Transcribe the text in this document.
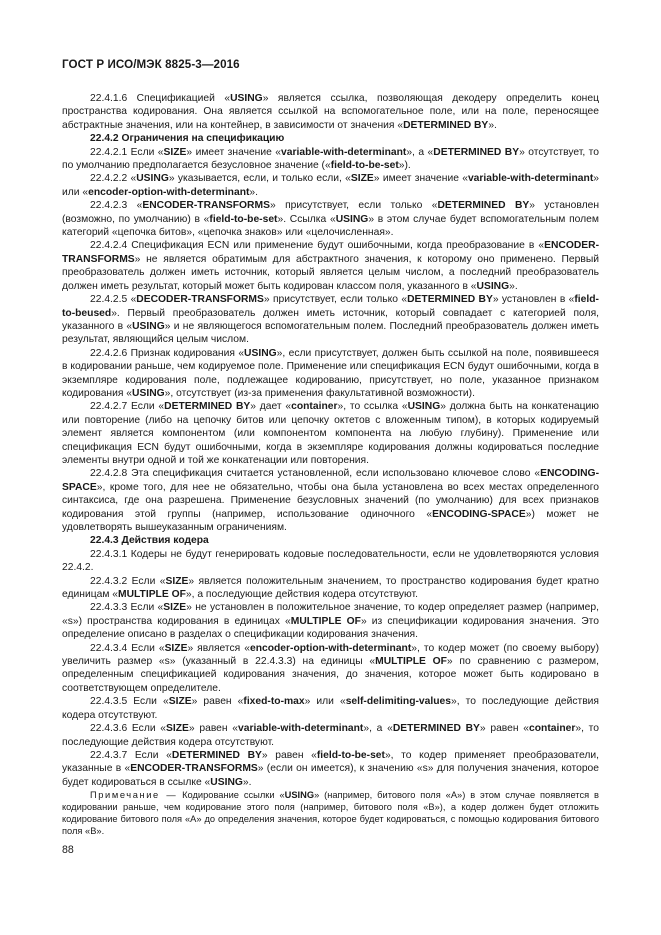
ГОСТ Р ИСО/МЭК 8825-3—2016

22.4.1.6 Спецификацией «USING» является ссылка, позволяющая декодеру определить конец пространства кодирования. Она является ссылкой на вспомогательное поле, или на поле, переносящее абстрактные значения, или на контейнер, в зависимости от значения «DETERMINED BY».

22.4.2 Ограничения на спецификацию

22.4.2.1 Если «SIZE» имеет значение «variable-with-determinant», а «DETERMINED BY» отсутствует, то по умолчанию предполагается безусловное значение («field-to-be-set»).

22.4.2.2 «USING» указывается, если, и только если, «SIZE» имеет значение «variable-with-determinant» или «encoder-option-with-determinant».

22.4.2.3 «ENCODER-TRANSFORMS» присутствует, если только «DETERMINED BY» установлен (возможно, по умолчанию) в «field-to-be-set». Ссылка «USING» в этом случае будет вспомогательным полем категорий «цепочка битов», «цепочка знаков» или «целочисленная».

22.4.2.4 Спецификация ECN или применение будут ошибочными, когда преобразование в «ENCODER-TRANSFORMS» не является обратимым для абстрактного значения, к которому оно применено. Первый преобразователь должен иметь источник, который является целым числом, а последний преобразователь должен иметь результат, который может быть кодирован классом поля, указанного в «USING».

22.4.2.5 «DECODER-TRANSFORMS» присутствует, если только «DETERMINED BY» установлен в «field-to-beused». Первый преобразователь должен иметь источник, который совпадает с категорией поля, указанного в «USING» и не являющегося вспомогательным полем. Последний преобразователь должен иметь результат, являющийся целым числом.

22.4.2.6 Признак кодирования «USING», если присутствует, должен быть ссылкой на поле, появившееся в кодировании раньше, чем кодируемое поле. Применение или спецификация ECN будут ошибочными, когда в экземпляре кодирования поле, подлежащее кодированию, присутствует, но поле, указанное признаком кодирования «USING», отсутствует (из-за применения факультативной возможности).

22.4.2.7 Если «DETERMINED BY» дает «container», то ссылка «USING» должна быть на конкатенацию или повторение (либо на цепочку битов или цепочку октетов с вложенным типом), в которых кодируемый элемент является компонентом (или компонентом компонента на любую глубину). Применение или спецификация ECN будут ошибочными, когда в экземпляре кодирования должны кодироваться последние элементы внутри одной и той же конкатенации или повторения.

22.4.2.8 Эта спецификация считается установленной, если использовано ключевое слово «ENCODING-SPACE», кроме того, для нее не обязательно, чтобы она была установлена во всех местах определенного синтаксиса, где она разрешена. Применение безусловных значений (по умолчанию) для всех признаков кодирования этой группы (например, использование одиночного «ENCODING-SPACE») может не удовлетворять вышеуказанным ограничениям.

22.4.3 Действия кодера

22.4.3.1 Кодеры не будут генерировать кодовые последовательности, если не удовлетворяются условия 22.4.2.

22.4.3.2 Если «SIZE» является положительным значением, то пространство кодирования будет кратно единицам «MULTIPLE OF», а последующие действия кодера отсутствуют.

22.4.3.3 Если «SIZE» не установлен в положительное значение, то кодер определяет размер (например, «s») пространства кодирования в единицах «MULTIPLE OF» из спецификации кодирования значения. Это определение описано в разделах о спецификации кодирования значения.

22.4.3.4 Если «SIZE» является «encoder-option-with-determinant», то кодер может (по своему выбору) увеличить размер «s» (указанный в 22.4.3.3) на единицы «MULTIPLE OF» по сравнению с размером, определенным спецификацией кодирования значения, до значения, которое может быть кодировано в соответствующем определителе.

22.4.3.5 Если «SIZE» равен «fixed-to-max» или «self-delimiting-values», то последующие действия кодера отсутствуют.

22.4.3.6 Если «SIZE» равен «variable-with-determinant», а «DETERMINED BY» равен «container», то последующие действия кодера отсутствуют.

22.4.3.7 Если «DETERMINED BY» равен «field-to-be-set», то кодер применяет преобразователи, указанные в «ENCODER-TRANSFORMS» (если он имеется), к значению «s» для получения значения, которое будет кодироваться в ссылке «USING».

Примечание — Кодирование ссылки «USING» (например, битового поля «A») в этом случае появляется в кодировании раньше, чем кодирование этого поля (например, битового поля «B»), а кодер должен будет отложить кодирование битового поля «A» до определения значения, которое будет кодироваться, с помощью кодирования битового поля «B».

88
